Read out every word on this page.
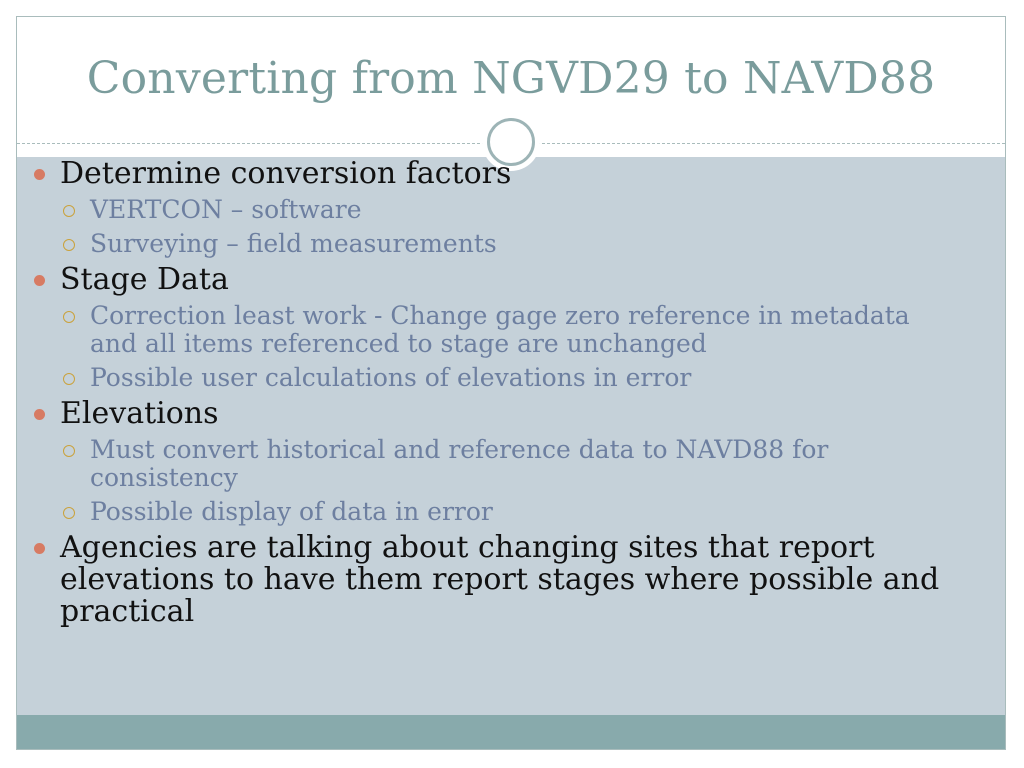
Converting from NGVD29 to NAVD88
Determine conversion factors
VERTCON – software
Surveying – field measurements
Stage Data
Correction least work - Change gage zero reference in metadata and all items referenced to stage are unchanged
Possible user calculations of elevations in error
Elevations
Must convert historical and reference data to NAVD88 for consistency
Possible display of data in error
Agencies are talking about changing sites that report elevations to have them report stages where possible and practical
